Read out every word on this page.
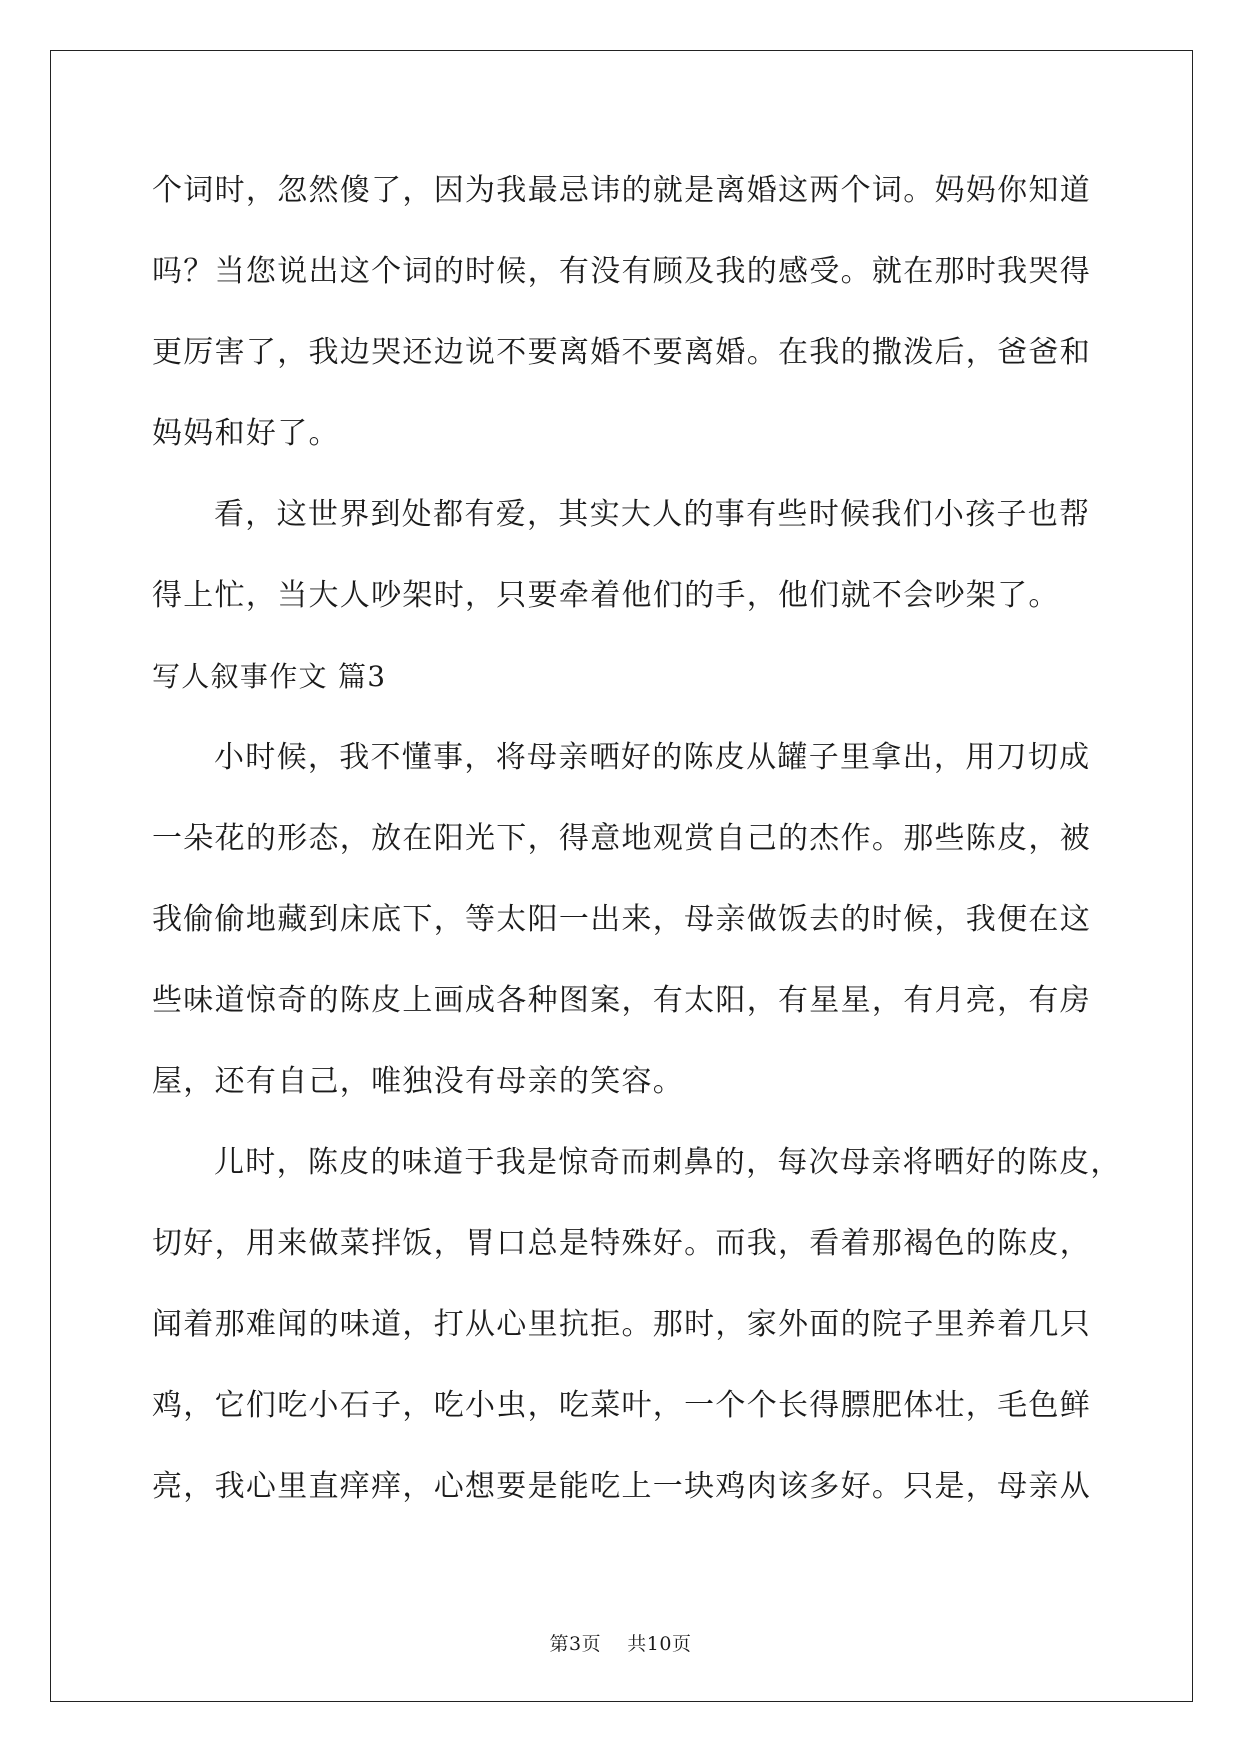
个词时，忽然傻了，因为我最忌讳的就是离婚这两个词。妈妈你知道
吗？当您说出这个词的时候，有没有顾及我的感受。就在那时我哭得
更厉害了，我边哭还边说不要离婚不要离婚。在我的撒泼后，爸爸和
妈妈和好了。
看，这世界到处都有爱，其实大人的事有些时候我们小孩子也帮
得上忙，当大人吵架时，只要牵着他们的手，他们就不会吵架了。
写人叙事作文 篇3
小时候，我不懂事，将母亲晒好的陈皮从罐子里拿出，用刀切成
一朵花的形态，放在阳光下，得意地观赏自己的杰作。那些陈皮，被
我偷偷地藏到床底下，等太阳一出来，母亲做饭去的时候，我便在这
些味道惊奇的陈皮上画成各种图案，有太阳，有星星，有月亮，有房
屋，还有自己，唯独没有母亲的笑容。
儿时，陈皮的味道于我是惊奇而刺鼻的，每次母亲将晒好的陈皮，
切好，用来做菜拌饭，胃口总是特殊好。而我，看着那褐色的陈皮，
闻着那难闻的味道，打从心里抗拒。那时，家外面的院子里养着几只
鸡，它们吃小石子，吃小虫，吃菜叶，一个个长得膘肥体壮，毛色鲜
亮，我心里直痒痒，心想要是能吃上一块鸡肉该多好。只是，母亲从
第3页 共10页
